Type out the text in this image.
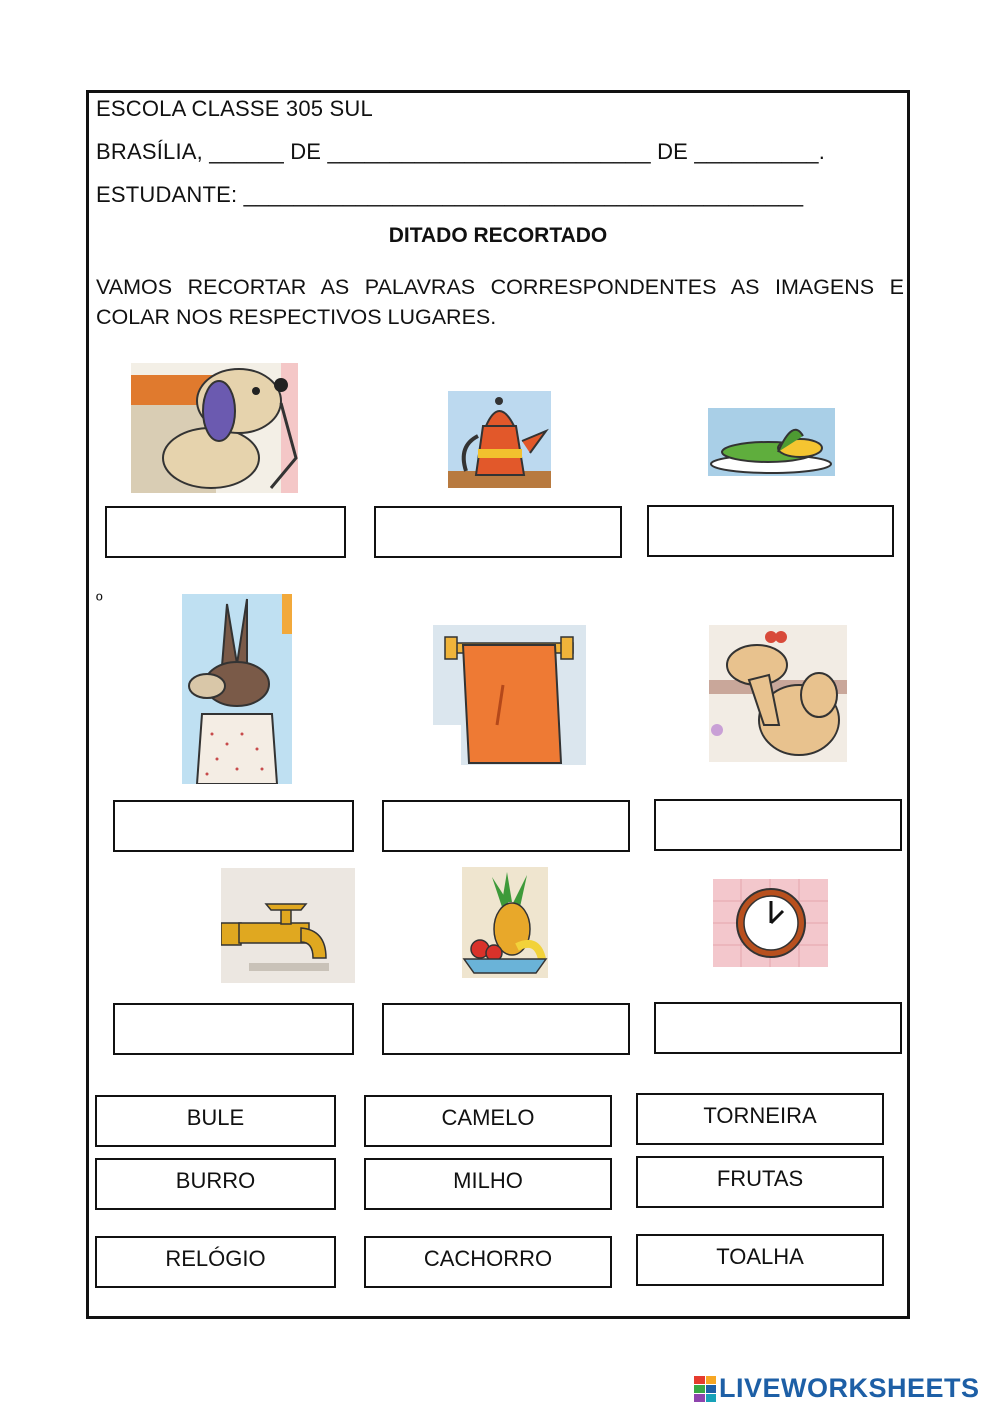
ESCOLA CLASSE 305 SUL
BRASÍLIA, ______ DE __________________________ DE __________.
ESTUDANTE: _____________________________________________
DITADO RECORTADO
VAMOS RECORTAR AS PALAVRAS CORRESPONDENTES AS IMAGENS E COLAR NOS RESPECTIVOS LUGARES.
º
BULE	CAMELO	TORNEIRA
BURRO	MILHO	FRUTAS
RELÓGIO	CACHORRO	TOALHA
LIVEWORKSHEETS
